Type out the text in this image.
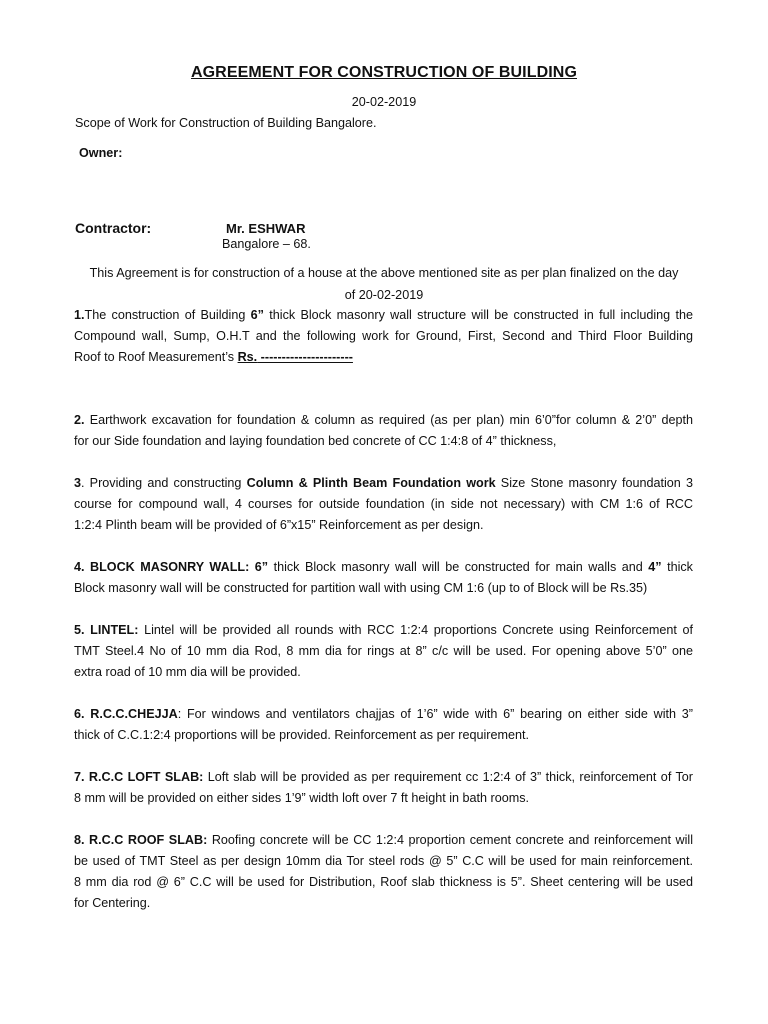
AGREEMENT FOR CONSTRUCTION OF BUILDING
20-02-2019
Scope of Work for Construction of Building Bangalore.
Owner:
Contractor:	Mr. ESHWAR
Bangalore – 68.
This Agreement is for construction of a house at the above mentioned site as per plan finalized on the day
of 20-02-2019
1.The construction of Building 6” thick Block masonry wall structure will be constructed in full including the
Compound wall, Sump, O.H.T and the following work for Ground, First, Second and Third Floor Building
Roof to Roof Measurement’s Rs. ----------------------
2. Earthwork excavation for foundation & column as required (as per plan) min 6’0”for column & 2’0” depth
for our Side foundation and laying foundation bed concrete of CC 1:4:8 of 4” thickness,
3. Providing and constructing Column & Plinth Beam Foundation work Size Stone masonry foundation 3
course for compound wall, 4 courses for outside foundation (in side not necessary) with CM 1:6 of RCC
1:2:4 Plinth beam will be provided of 6”x15” Reinforcement as per design.
4. BLOCK MASONRY WALL: 6” thick Block masonry wall will be constructed for main walls and 4” thick
Block masonry wall will be constructed for partition wall with using CM 1:6 (up to of Block will be Rs.35)
5. LINTEL: Lintel will be provided all rounds with RCC 1:2:4 proportions Concrete using Reinforcement of
TMT Steel.4 No of 10 mm dia Rod, 8 mm dia for rings at 8” c/c will be used. For opening above 5’0” one
extra road of 10 mm dia will be provided.
6. R.C.C.CHEJJA: For windows and ventilators chajjas of 1’6” wide with 6” bearing on either side with 3”
thick of C.C.1:2:4 proportions will be provided. Reinforcement as per requirement.
7. R.C.C LOFT SLAB: Loft slab will be provided as per requirement cc 1:2:4 of 3” thick, reinforcement of Tor
8 mm will be provided on either sides 1’9” width loft over 7 ft height in bath rooms.
8. R.C.C ROOF SLAB: Roofing concrete will be CC 1:2:4 proportion cement concrete and reinforcement will
be used of TMT Steel as per design 10mm dia Tor steel rods @ 5” C.C will be used for main reinforcement.
8 mm dia rod @ 6” C.C will be used for Distribution, Roof slab thickness is 5”. Sheet centering will be used
for Centering.
